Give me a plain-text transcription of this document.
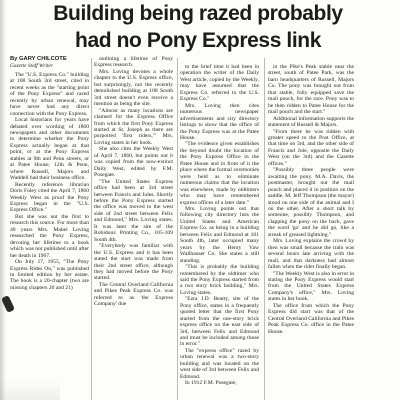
Building being razed probably
had no Pony Express link
By GARY CHILCOTE
Gazette Staff Writer

The "U.S. Express Co." building at 108 South 3rd street, cited in recent weeks as the "starting point of the Pony Express" and razed recently by urban renewal, may have never had any direct connection with the Pony Express.

Local historians for years have debated over wording of 1860 newspapers and other documents to determine whether the Pony Express actually began at that point, or at the Pony Express stables at 9th and Penn streets, or at Patee House, 12th & Penn, where Russell, Majors and Waddell had their business office.

Recently reference librarian Doris Foley cited the April 7, 1860 Weekly West as proof the Pony Express began in the "U.S. Express Office."

But she was not the first to research this source. For more than 40 years Mrs. Mabel Loving researched the Pony Express, devoting her lifetime to a book which was not published until after her death in 1967.

On July 17, 1955, "The Pony Express Rides On," was published in limited edition by her estate. The book is a 20-chapter (two are missing chapters 20 and 21)

outlining a lifetime of Pony Express research.

Mrs. Loving devotes a whole chapter to the U.S. Express office, but surprisingly, not the recently demolished building at 108 South 3rd street doesn't even receive a mention as being the site.

"Almost as many locations are claimed for the Express Office from which the first Pony Express started at St. Joseph as there are purported 'first riders,'" Mrs. Loving states in her book.

She also cites the Weekly West of April 7, 1860, but points out it was copied from the now-extinct Daily West, edited by F.M. Posegate.

"The United States Express office had been at 3rd street between Francis and Jules. Shortly before the Pony Express started the office was moved to the west side of 2nd street between Felix and Edmond," Mrs. Loving states. It was later the site of the Robidoux Printing Co., 105-109 South 4th.

"Everybody was familiar with the U.S. Express and it has been stated the start was made from their 2nd street office, although they had moved before the Pony started.

The Central Overland California and Pikes Peak Express Co. was referred to as 'the Express Company' due

to the brief time it had been in operation the writer of the Daily West article, copied by the Weekly, may have assumed that the Express Co. referred to the U.S. Express Co."

Mrs. Loving then cites numerous newspaper advertisements and city directory listings to show that the office of the Pony Express was at the Patee House.

"The evidence given establishes the beyond doubt the location of the Pony Express Office in the Patee House and in front of it the place where the formal ceremonies were held as to eliminate numerous claims that the location was elsewhere, made by oldtimers who may have remembered express offices of a later date."

Mrs. Loving points out that following city directory lists the United States and American Express Co. as being in a building between Felix and Edmond at 101 South 4th, later occupied many years by the Henry Vaw Wallhauser Co. She states a still standing.

"This is probably the building remembered by the oldtimer who said the Pony Express started from a two story brick building," Mrs. Loving states.

"Ezra J.D. Beatty, site of the Pony office, states in a frequently quoted letter that the first Pony started from the one-story brick express office on the east side of 3rd, between Felix and Edmond and must be included among those in error."

The "express office" razed by urban renewal was a two-story building and was located on the west side of 3rd between Felix and Edmond.

In 1912 F.M. Posegate,

in the Pike's Peak stable near the street, south of Patee Park, was the barn headquarters of Russell, Majors Co. The pony was brought out from that stable, fully equipped save the mail pouch, for the race. Pony was to be then ridden to Patee House for the mail pouch and the start."

Additional information supports the statement of Russell & Majors.

"From there he was ridden with greater speed to the Post Office, at that time on 3rd, and the other side of Francis and Jule, opposite the Daily West (on the 3rd) and the Gazette offices."

"Possibly three people were awaiting the pony. M.A. Davis, the postmaster, brought out the mail pouch and placed it in position on the saddle. M. Jeff Thompson (the mayor) stood on one side of the animal and I on the other. After a short talk by someone, possibly Thompson, and clapping the pony on the back, gave the word 'go' and he did go, like a streak of greased lightning."

Mrs. Loving explains the crowd by then was small because the train was several hours late arriving with the mail, and that darkness had almost fallen when the rider finally began.

"The Weekly West is also in error in stating the Pony Express would start from the United States Express Company's office," Mrs. Loving states in her book.

The office from which the Pony Express did start was that of the Central Overland California and Pikes Peak Express Co. office in the Patee House.
